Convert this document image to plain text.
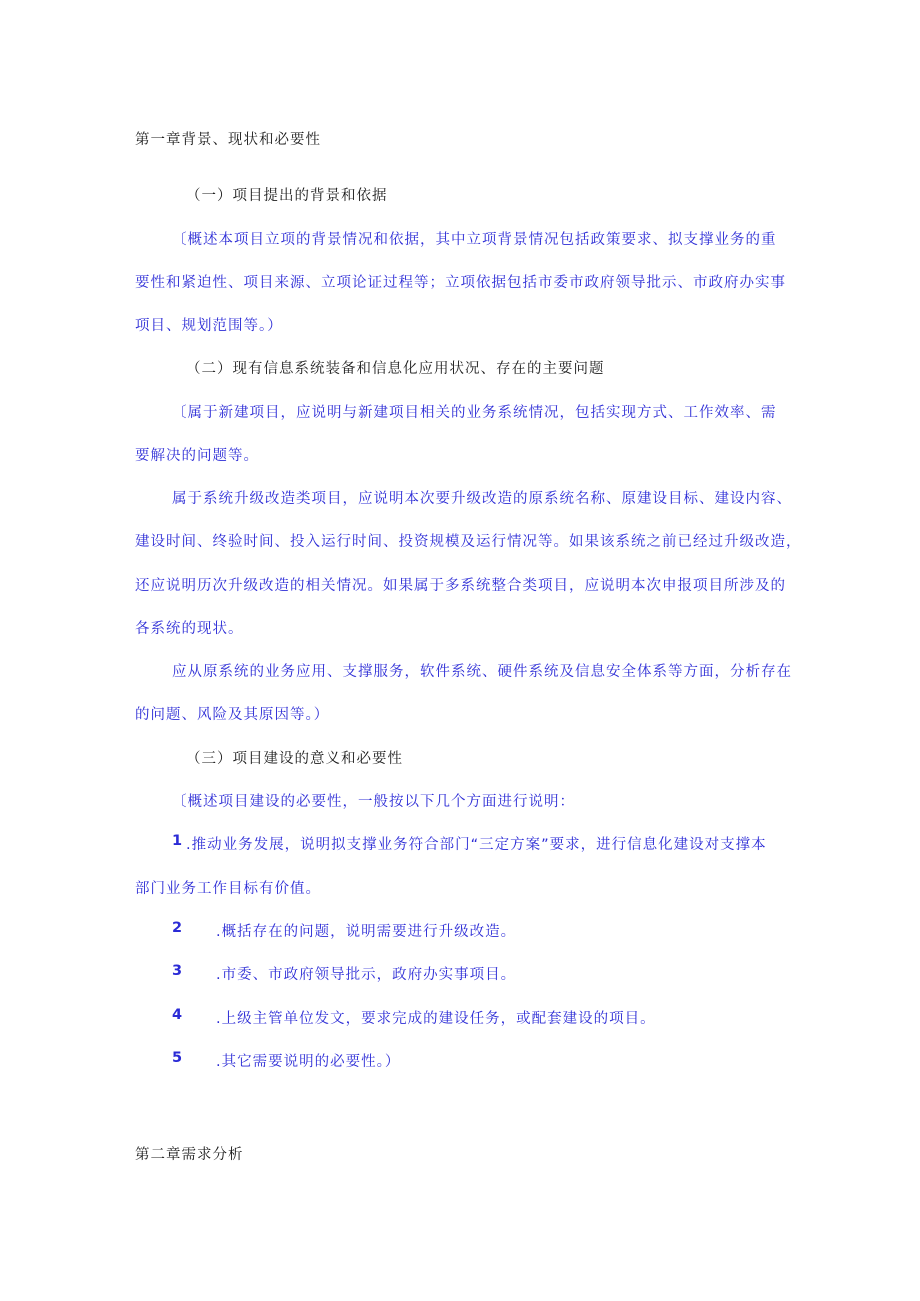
第一章背景、现状和必要性
（一）项目提出的背景和依据
〔概述本项目立项的背景情况和依据，其中立项背景情况包括政策要求、拟支撑业务的重
要性和紧迫性、项目来源、立项论证过程等；立项依据包括市委市政府领导批示、市政府办实事
项目、规划范围等。）
（二）现有信息系统装备和信息化应用状况、存在的主要问题
〔属于新建项目，应说明与新建项目相关的业务系统情况，包括实现方式、工作效率、需
要解决的问题等。
属于系统升级改造类项目，应说明本次要升级改造的原系统名称、原建设目标、建设内容、
建设时间、终验时间、投入运行时间、投资规模及运行情况等。如果该系统之前已经过升级改造，
还应说明历次升级改造的相关情况。如果属于多系统整合类项目，应说明本次申报项目所涉及的
各系统的现状。
应从原系统的业务应用、支撑服务，软件系统、硬件系统及信息安全体系等方面，分析存在
的问题、风险及其原因等。）
（三）项目建设的意义和必要性
〔概述项目建设的必要性，一般按以下几个方面进行说明：
1 .推动业务发展，说明拟支撑业务符合部门“三定方案”要求，进行信息化建设对支撑本
部门业务工作目标有价值。
2 .概括存在的问题，说明需要进行升级改造。
3 .市委、市政府领导批示，政府办实事项目。
4 .上级主管单位发文，要求完成的建设任务，或配套建设的项目。
5 .其它需要说明的必要性。）
第二章需求分析
